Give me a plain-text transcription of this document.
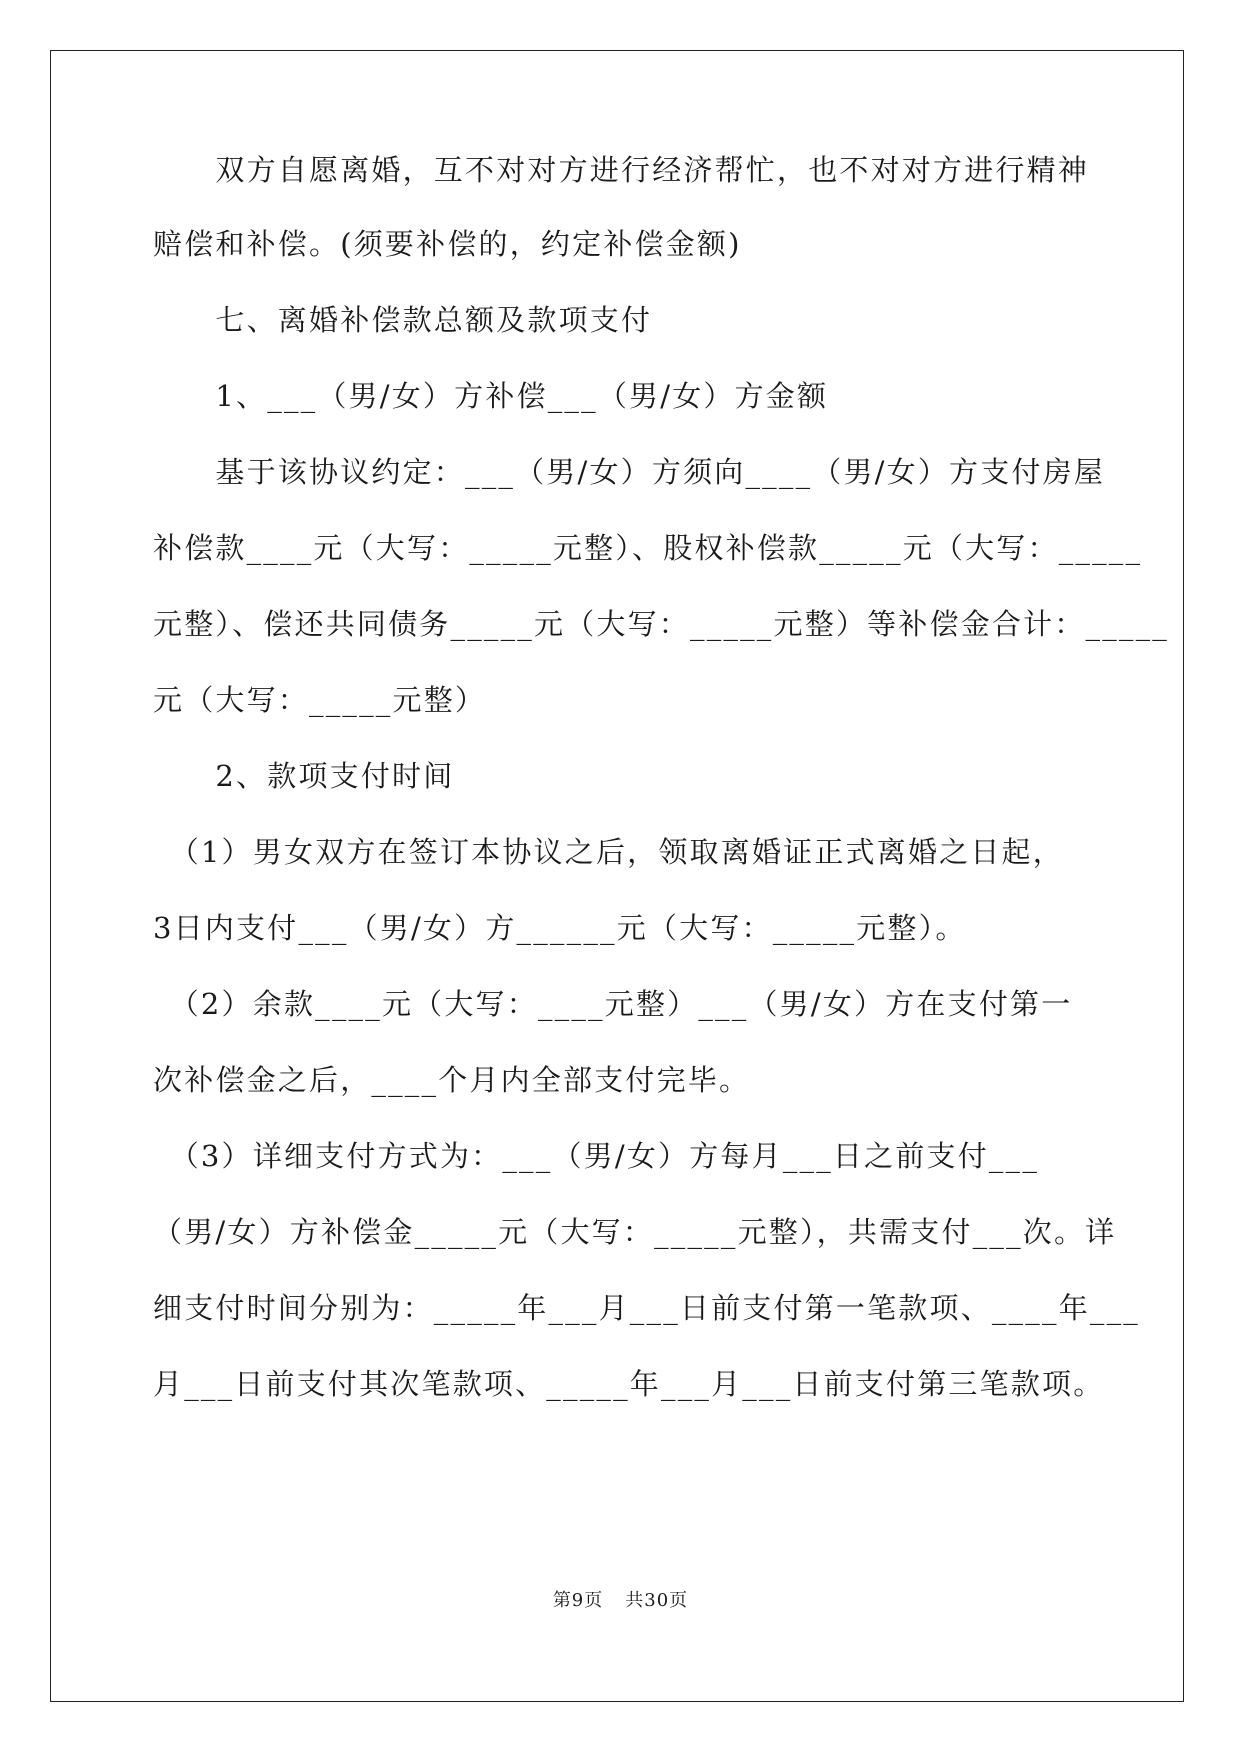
　　双方自愿离婚，互不对对方进行经济帮忙，也不对对方进行精神
赔偿和补偿。(须要补偿的，约定补偿金额)
　　七、离婚补偿款总额及款项支付
　　1、___（男/女）方补偿___（男/女）方金额
　　基于该协议约定：___（男/女）方须向____（男/女）方支付房屋
补偿款____元（大写：_____元整）、股权补偿款_____元（大写：_____
元整）、偿还共同债务_____元（大写：_____元整）等补偿金合计：_____
元（大写：_____元整）
　　2、款项支付时间
　（1）男女双方在签订本协议之后，领取离婚证正式离婚之日起，
3日内支付___（男/女）方______元（大写：_____元整）。
　（2）余款____元（大写：____元整）___（男/女）方在支付第一
次补偿金之后，____个月内全部支付完毕。
　（3）详细支付方式为：___（男/女）方每月___日之前支付___
（男/女）方补偿金_____元（大写：_____元整），共需支付___次。详
细支付时间分别为：_____年___月___日前支付第一笔款项、____年___
月___日前支付其次笔款项、_____年___月___日前支付第三笔款项。
第9页 共30页
